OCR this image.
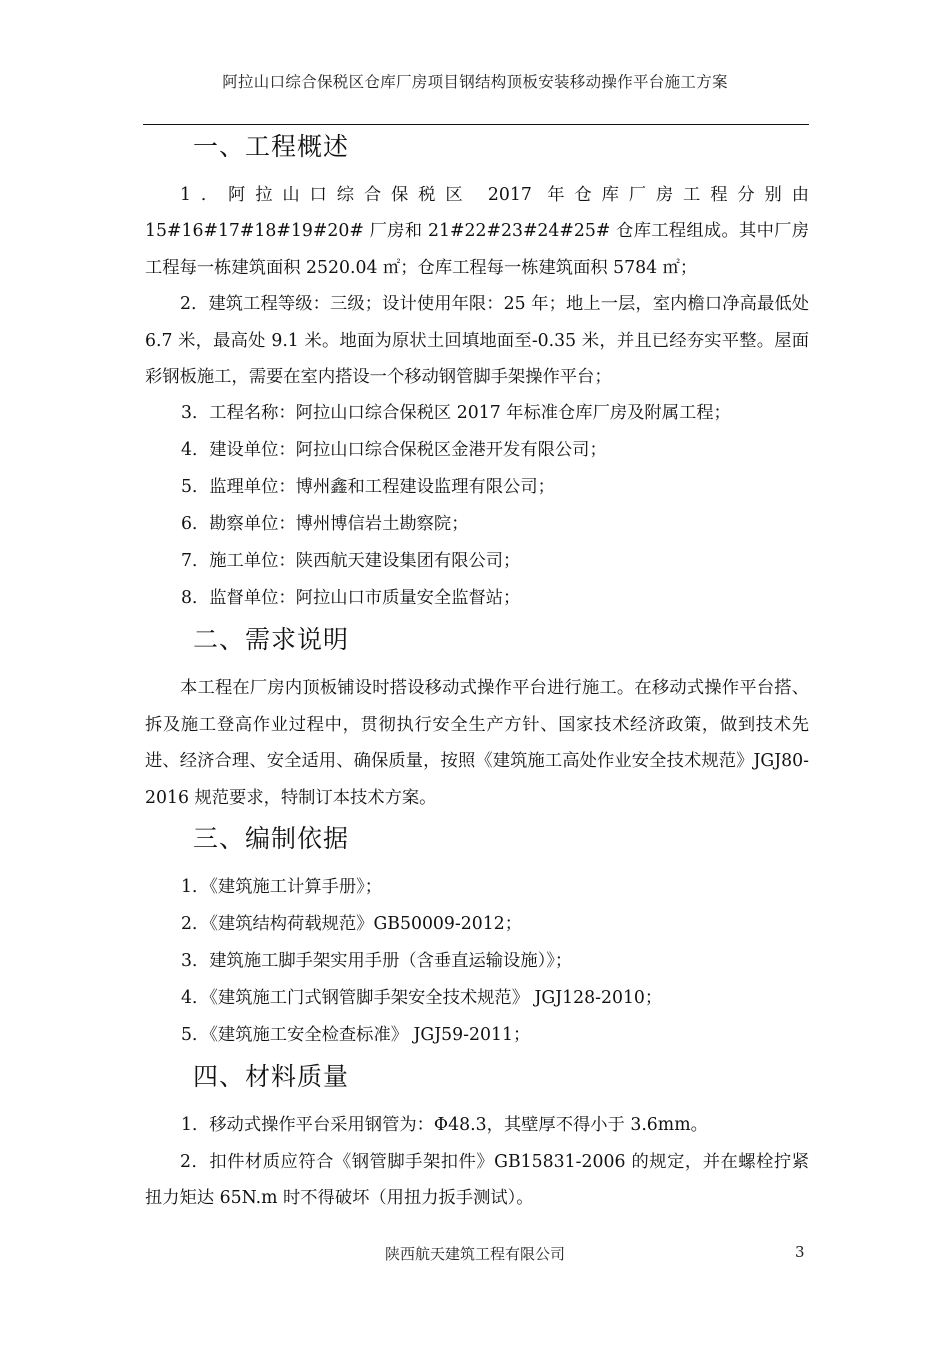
阿拉山口综合保税区仓库厂房项目钢结构顶板安装移动操作平台施工方案
一、工程概述

1．阿拉山口综合保税区 2017 年仓库厂房工程分别由 15#16#17#18#19#20# 厂房和 21#22#23#24#25# 仓库工程组成。其中厂房工程每一栋建筑面积 2520.04 ㎡；仓库工程每一栋建筑面积 5784 ㎡；

2．建筑工程等级：三级；设计使用年限：25 年；地上一层，室内檐口净高最低处 6.7 米，最高处 9.1 米。地面为原状土回填地面至-0.35 米，并且已经夯实平整。屋面彩钢板施工，需要在室内搭设一个移动钢管脚手架操作平台；

3．工程名称：阿拉山口综合保税区 2017 年标准仓库厂房及附属工程；

4．建设单位：阿拉山口综合保税区金港开发有限公司；

5．监理单位：博州鑫和工程建设监理有限公司；

6．勘察单位：博州博信岩土勘察院；

7．施工单位：陕西航天建设集团有限公司；

8．监督单位：阿拉山口市质量安全监督站；

二、需求说明

本工程在厂房内顶板铺设时搭设移动式操作平台进行施工。在移动式操作平台搭、拆及施工登高作业过程中，贯彻执行安全生产方针、国家技术经济政策，做到技术先进、经济合理、安全适用、确保质量，按照《建筑施工高处作业安全技术规范》JGJ80-2016 规范要求，特制订本技术方案。

三、编制依据

1．《建筑施工计算手册》；

2．《建筑结构荷载规范》GB50009-2012；

3．建筑施工脚手架实用手册（含垂直运输设施）》；

4．《建筑施工门式钢管脚手架安全技术规范》 JGJ128-2010；

5．《建筑施工安全检查标准》 JGJ59-2011；

四、材料质量

1．移动式操作平台采用钢管为：Φ48.3，其壁厚不得小于 3.6mm。

2．扣件材质应符合《钢管脚手架扣件》GB15831-2006 的规定，并在螺栓拧紧扭力矩达 65N.m 时不得破坏（用扭力扳手测试）。

陕西航天建筑工程有限公司	3
